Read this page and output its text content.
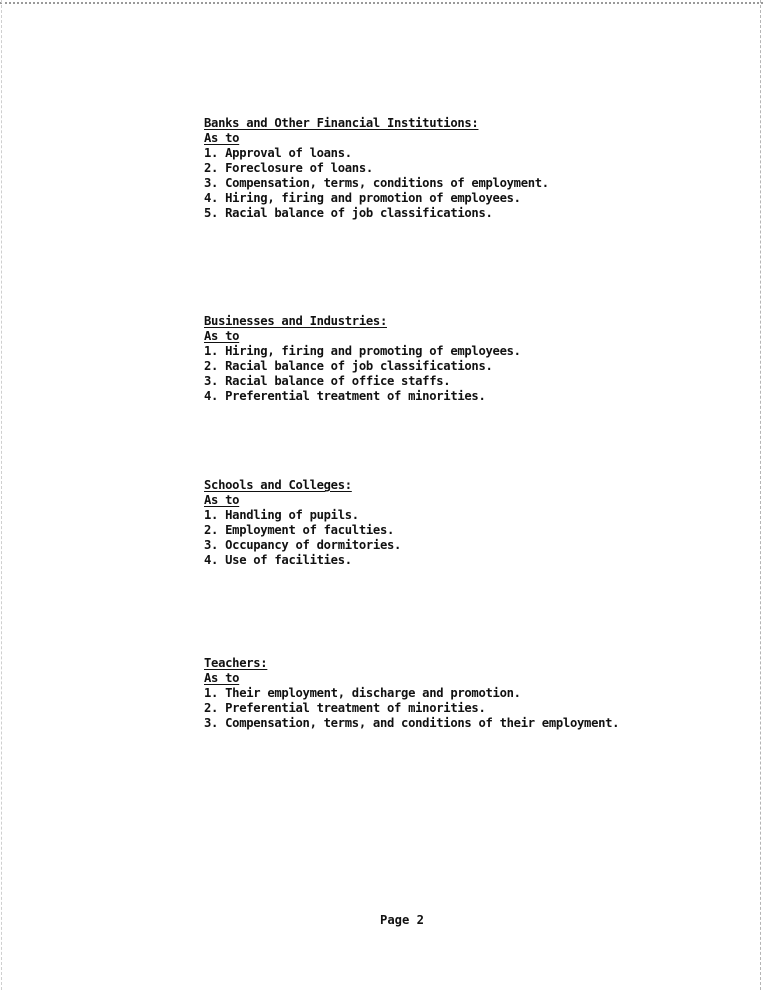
Banks and Other Financial Institutions:
As to
1. Approval of loans.
2. Foreclosure of loans.
3. Compensation, terms, conditions of employment.
4. Hiring, firing and promotion of employees.
5. Racial balance of job classifications.
Businesses and Industries:
As to
1. Hiring, firing and promoting of employees.
2. Racial balance of job classifications.
3. Racial balance of office staffs.
4. Preferential treatment of minorities.
Schools and Colleges:
As to
1. Handling of pupils.
2. Employment of faculties.
3. Occupancy of dormitories.
4. Use of facilities.
Teachers:
As to
1. Their employment, discharge and promotion.
2. Preferential treatment of minorities.
3. Compensation, terms, and conditions of their employment.
Page 2
